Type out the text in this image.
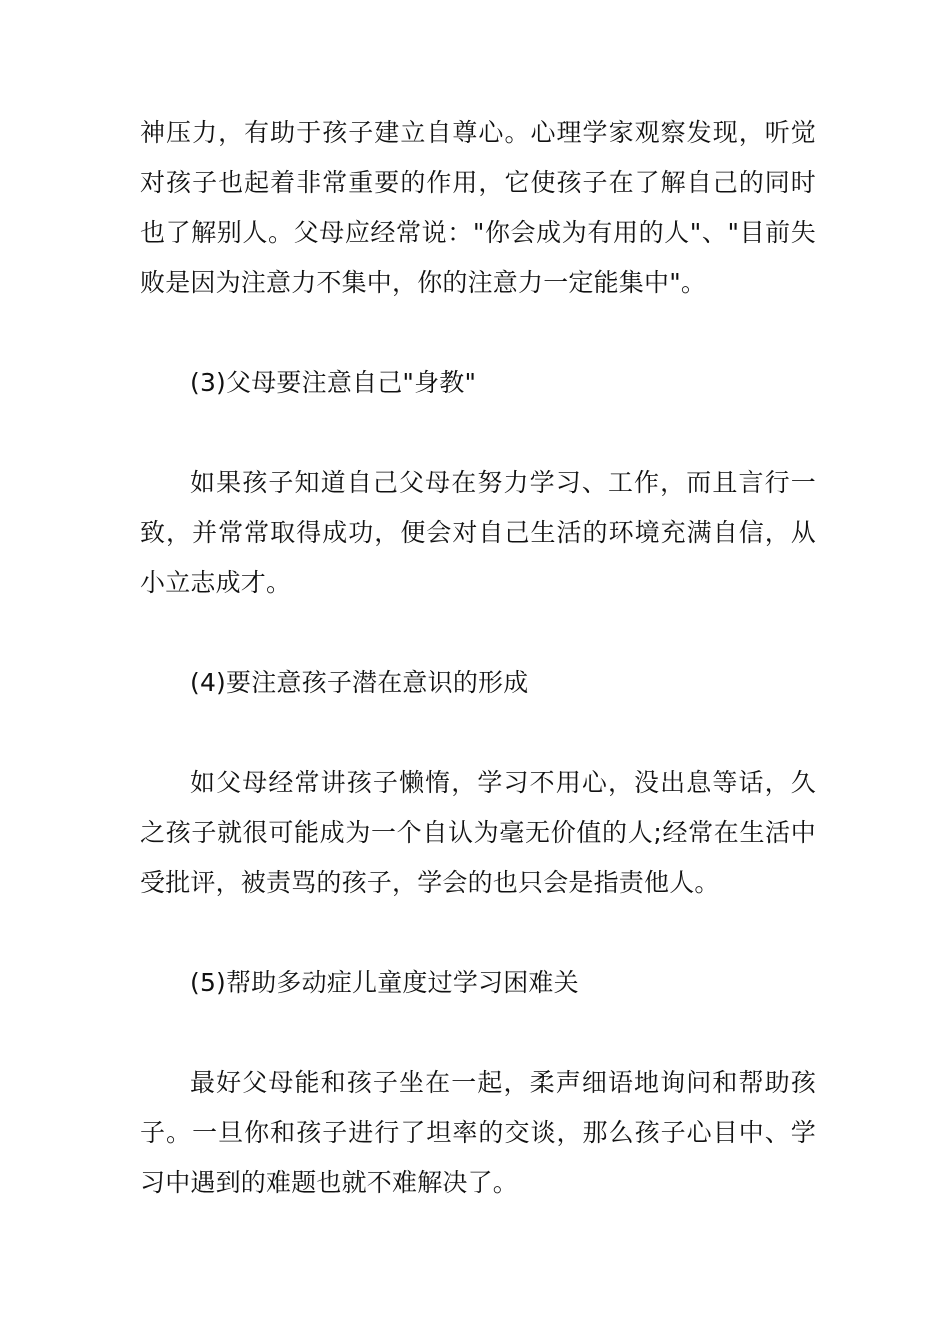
神压力，有助于孩子建立自尊心。心理学家观察发现，听觉对孩子也起着非常重要的作用，它使孩子在了解自己的同时也了解别人。父母应经常说："你会成为有用的人"、"目前失败是因为注意力不集中，你的注意力一定能集中"。

(3)父母要注意自己"身教"

如果孩子知道自己父母在努力学习、工作，而且言行一致，并常常取得成功，便会对自己生活的环境充满自信，从小立志成才。

(4)要注意孩子潜在意识的形成

如父母经常讲孩子懒惰，学习不用心，没出息等话，久之孩子就很可能成为一个自认为毫无价值的人;经常在生活中受批评，被责骂的孩子，学会的也只会是指责他人。

(5)帮助多动症儿童度过学习困难关

最好父母能和孩子坐在一起，柔声细语地询问和帮助孩子。一旦你和孩子进行了坦率的交谈，那么孩子心目中、学习中遇到的难题也就不难解决了。
